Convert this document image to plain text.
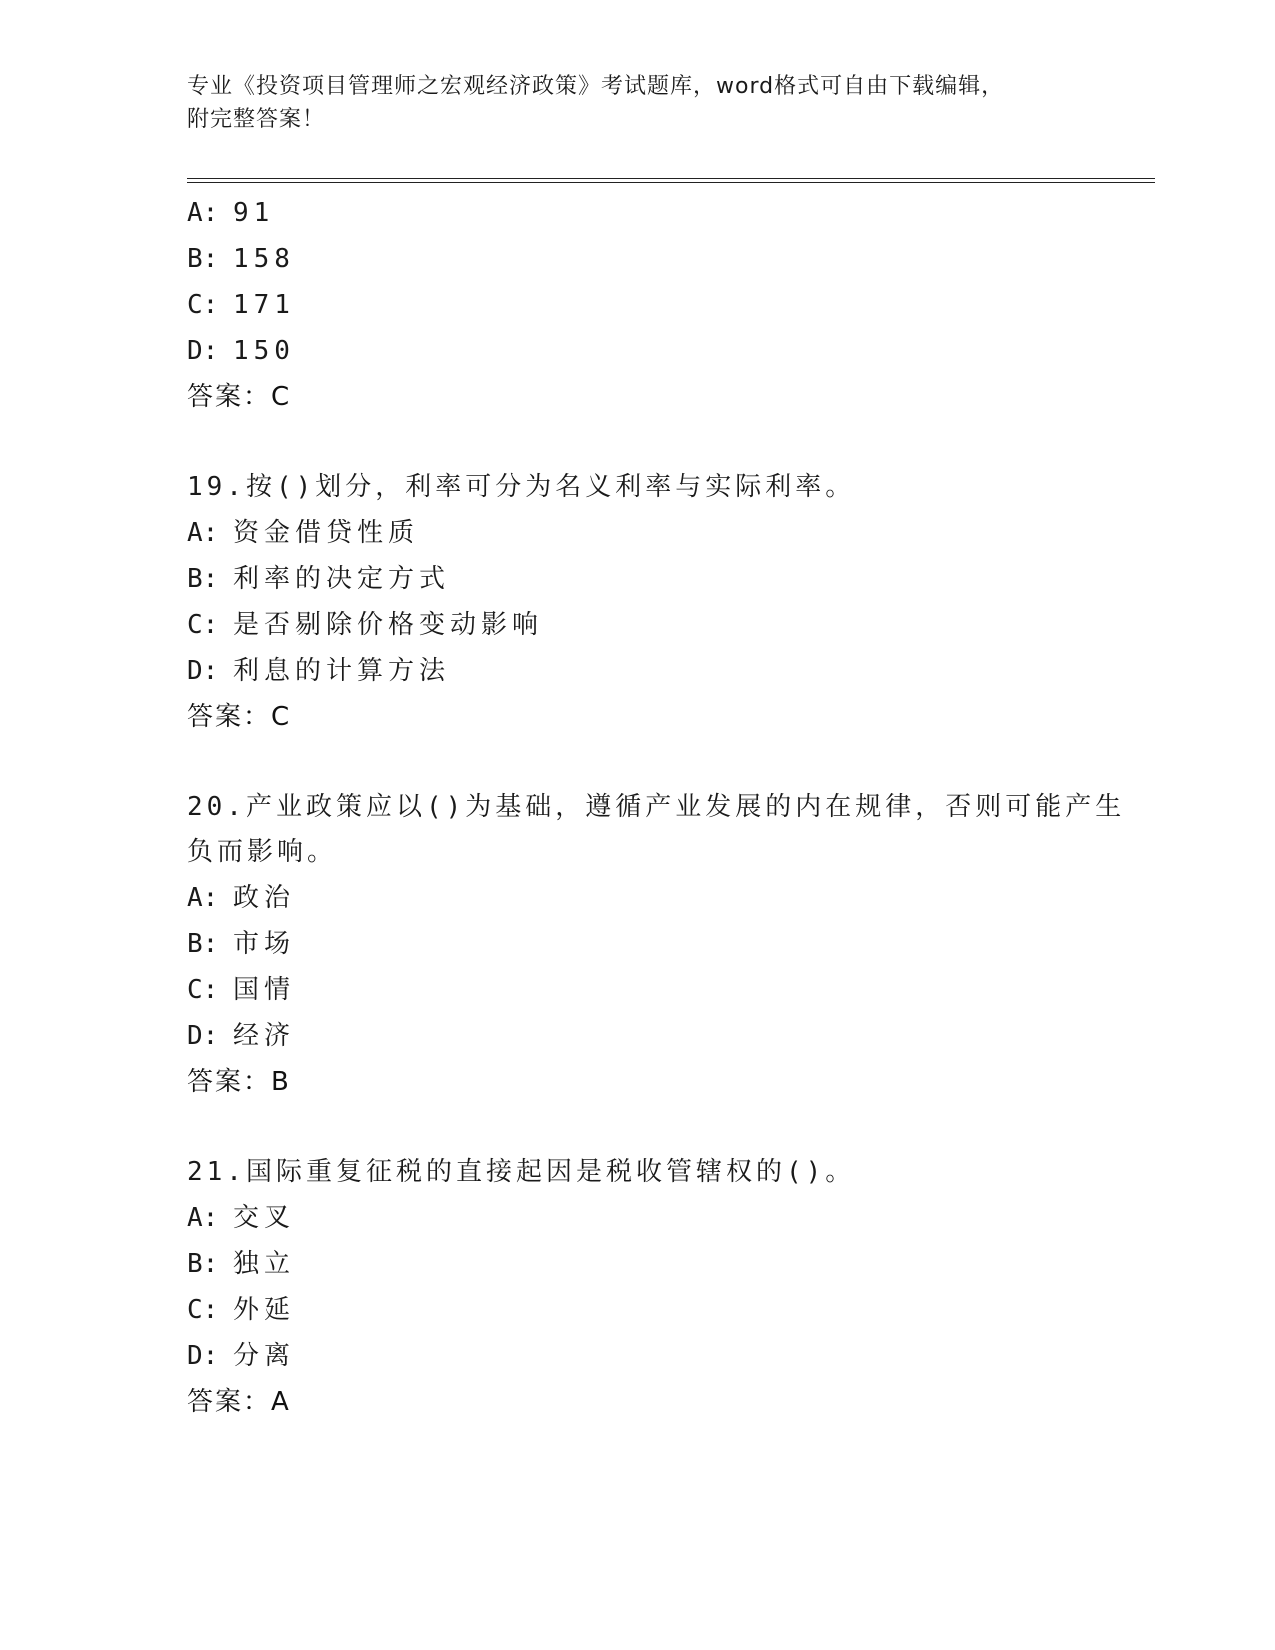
专业《投资项目管理师之宏观经济政策》考试题库，word格式可自由下载编辑，
附完整答案！
A: 91
B: 158
C: 171
D: 150
答案：C
19.按()划分，利率可分为名义利率与实际利率。
A: 资金借贷性质
B: 利率的决定方式
C: 是否剔除价格变动影响
D: 利息的计算方法
答案：C
20.产业政策应以()为基础，遵循产业发展的内在规律，否则可能产生
负而影响。
A: 政治
B: 市场
C: 国情
D: 经济
答案：B
21.国际重复征税的直接起因是税收管辖权的()。
A: 交叉
B: 独立
C: 外延
D: 分离
答案：A
